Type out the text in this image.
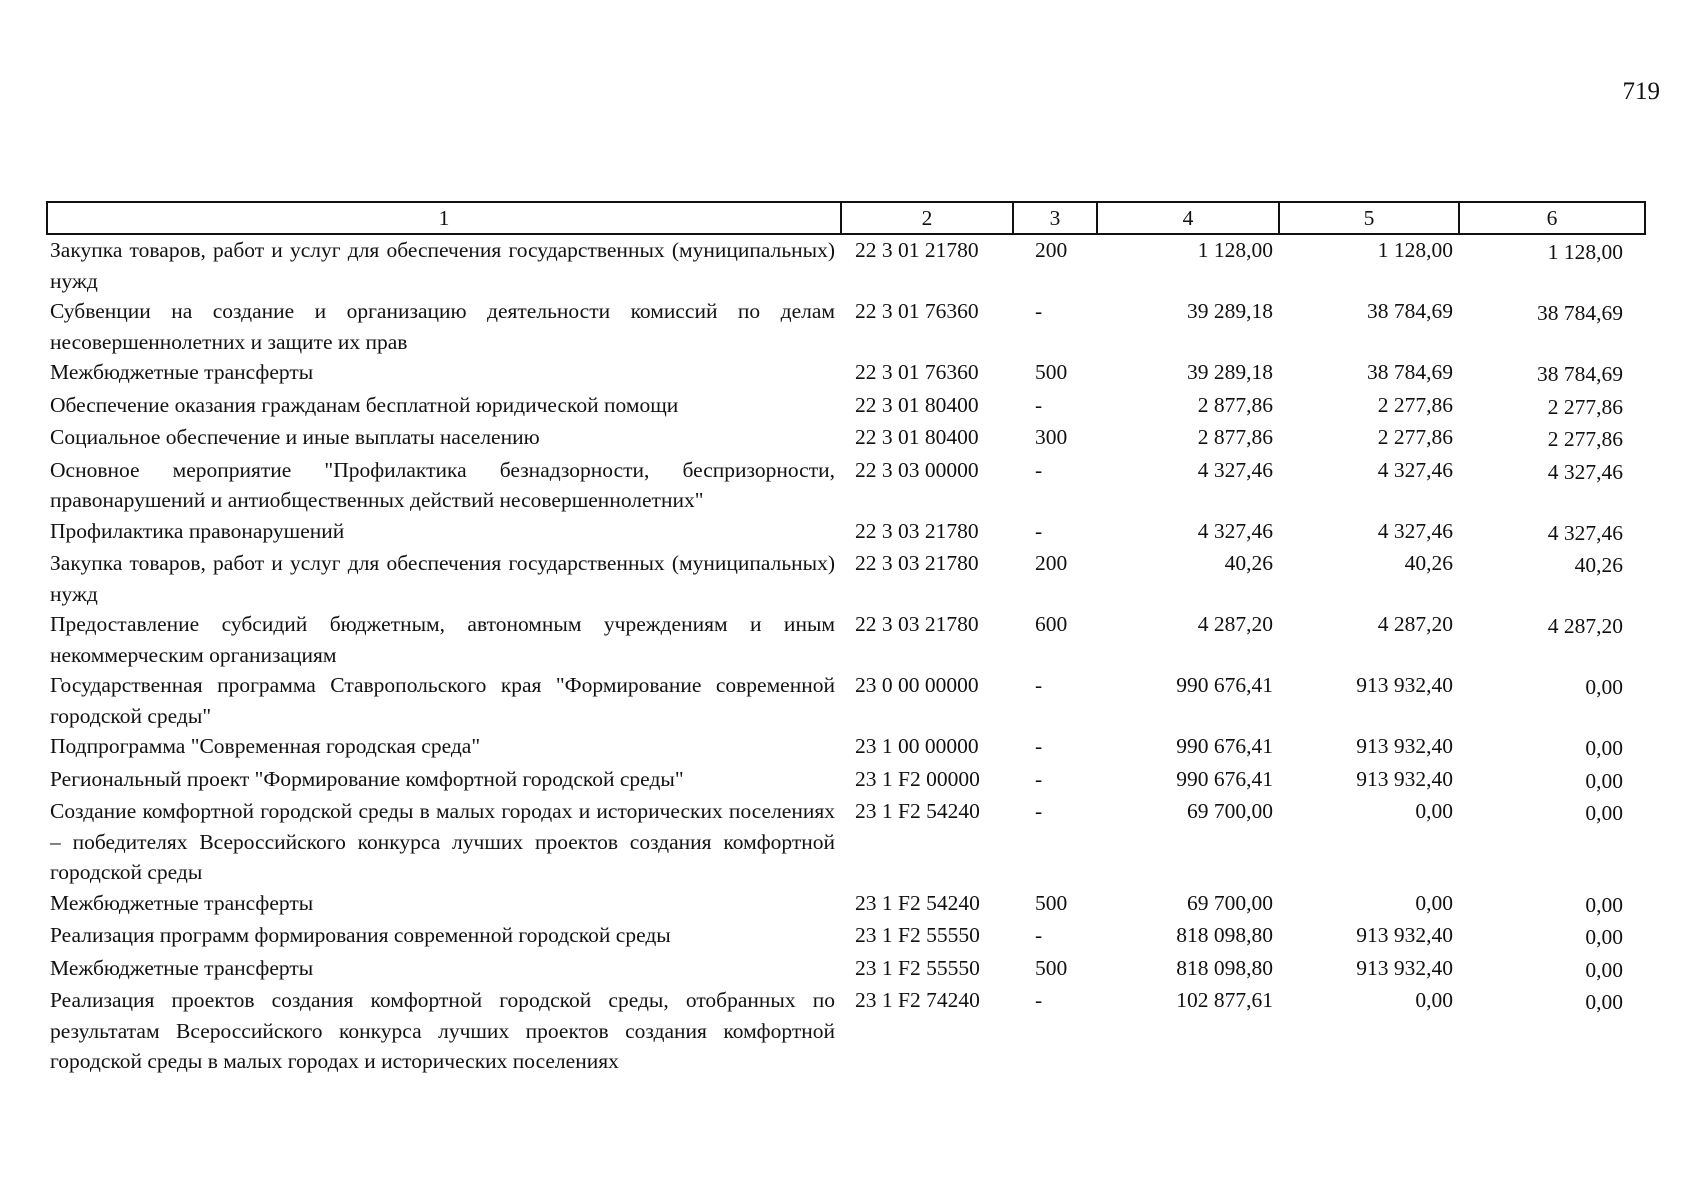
719
1	2	3	4	5	6
Закупка товаров, работ и услуг для обеспечения государственных (муниципальных) нужд	22 3 01 21780	200	1 128,00	1 128,00	1 128,00
Субвенции на создание и организацию деятельности комиссий по делам несовершеннолетних и защите их прав	22 3 01 76360	-	39 289,18	38 784,69	38 784,69
Межбюджетные трансферты	22 3 01 76360	500	39 289,18	38 784,69	38 784,69
Обеспечение оказания гражданам бесплатной юридической помощи	22 3 01 80400	-	2 877,86	2 277,86	2 277,86
Социальное обеспечение и иные выплаты населению	22 3 01 80400	300	2 877,86	2 277,86	2 277,86
Основное мероприятие "Профилактика безнадзорности, беспризорности, правонарушений и антиобщественных действий несовершеннолетних"	22 3 03 00000	-	4 327,46	4 327,46	4 327,46
Профилактика правонарушений	22 3 03 21780	-	4 327,46	4 327,46	4 327,46
Закупка товаров, работ и услуг для обеспечения государственных (муниципальных) нужд	22 3 03 21780	200	40,26	40,26	40,26
Предоставление субсидий бюджетным, автономным учреждениям и иным некоммерческим организациям	22 3 03 21780	600	4 287,20	4 287,20	4 287,20
Государственная программа Ставропольского края "Формирование современной городской среды"	23 0 00 00000	-	990 676,41	913 932,40	0,00
Подпрограмма "Современная городская среда"	23 1 00 00000	-	990 676,41	913 932,40	0,00
Региональный проект "Формирование комфортной городской среды"	23 1 F2 00000	-	990 676,41	913 932,40	0,00
Создание комфортной городской среды в малых городах и исторических поселениях – победителях Всероссийского конкурса лучших проектов создания комфортной городской среды	23 1 F2 54240	-	69 700,00	0,00	0,00
Межбюджетные трансферты	23 1 F2 54240	500	69 700,00	0,00	0,00
Реализация программ формирования современной городской среды	23 1 F2 55550	-	818 098,80	913 932,40	0,00
Межбюджетные трансферты	23 1 F2 55550	500	818 098,80	913 932,40	0,00
Реализация проектов создания комфортной городской среды, отобранных по результатам Всероссийского конкурса лучших проектов создания комфортной городской среды в малых городах и исторических поселениях	23 1 F2 74240	-	102 877,61	0,00	0,00
